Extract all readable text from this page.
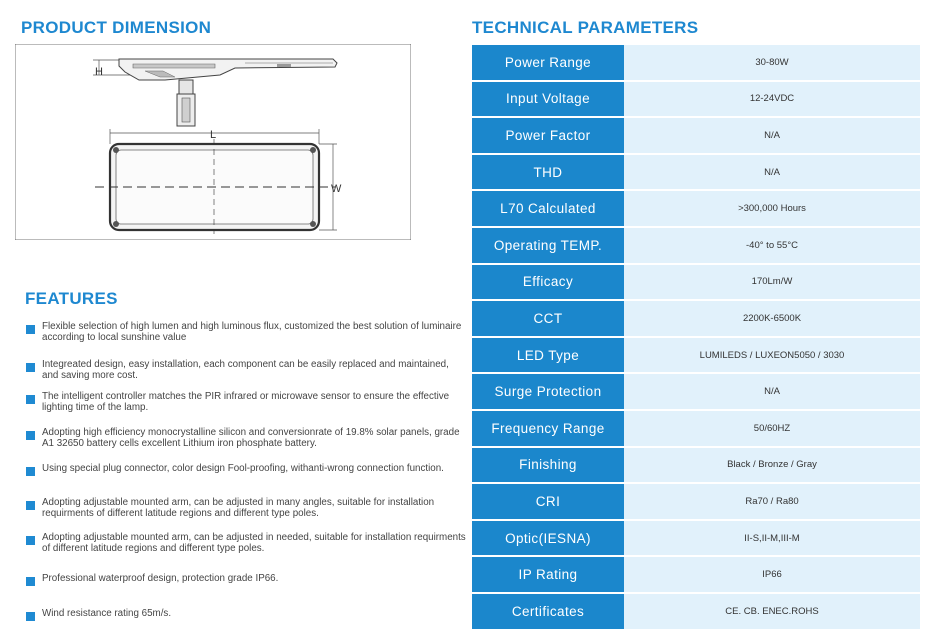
PRODUCT DIMENSION	TECHNICAL PARAMETERS
FEATURES
H
L
W
Flexible selection of high lumen and high luminous flux, customized the best solution of luminaire according to local sunshine value
Integreated design, easy installation, each component can be easily replaced and maintained, and saving more cost.
The intelligent controller matches the PIR infrared or microwave sensor to ensure the effective lighting time of the lamp.
Adopting high efficiency monocrystalline silicon and conversionrate of 19.8% solar panels, grade A1 32650 battery cells excellent Lithium iron phosphate battery.
Using special plug connector, color design Fool-proofing, withanti-wrong connection function.
Adopting adjustable mounted arm, can be adjusted in many angles, suitable for installation requirments of different latitude regions and different type poles.
Adopting adjustable mounted arm, can be adjusted in needed, suitable for installation requirments of different latitude regions and different type poles.
Professional waterproof design, protection grade IP66.
Wind resistance rating 65m/s.
Power Range	30-80W
Input Voltage	12-24VDC
Power Factor	N/A
THD	N/A
L70 Calculated	>300,000 Hours
Operating TEMP.	-40° to 55°C
Efficacy	170Lm/W
CCT	2200K-6500K
LED Type	LUMILEDS / LUXEON5050 / 3030
Surge Protection	N/A
Frequency Range	50/60HZ
Finishing	Black / Bronze / Gray
CRI	Ra70 / Ra80
Optic(IESNA)	II-S,II-M,III-M
IP Rating	IP66
Certificates	CE. CB. ENEC.ROHS
